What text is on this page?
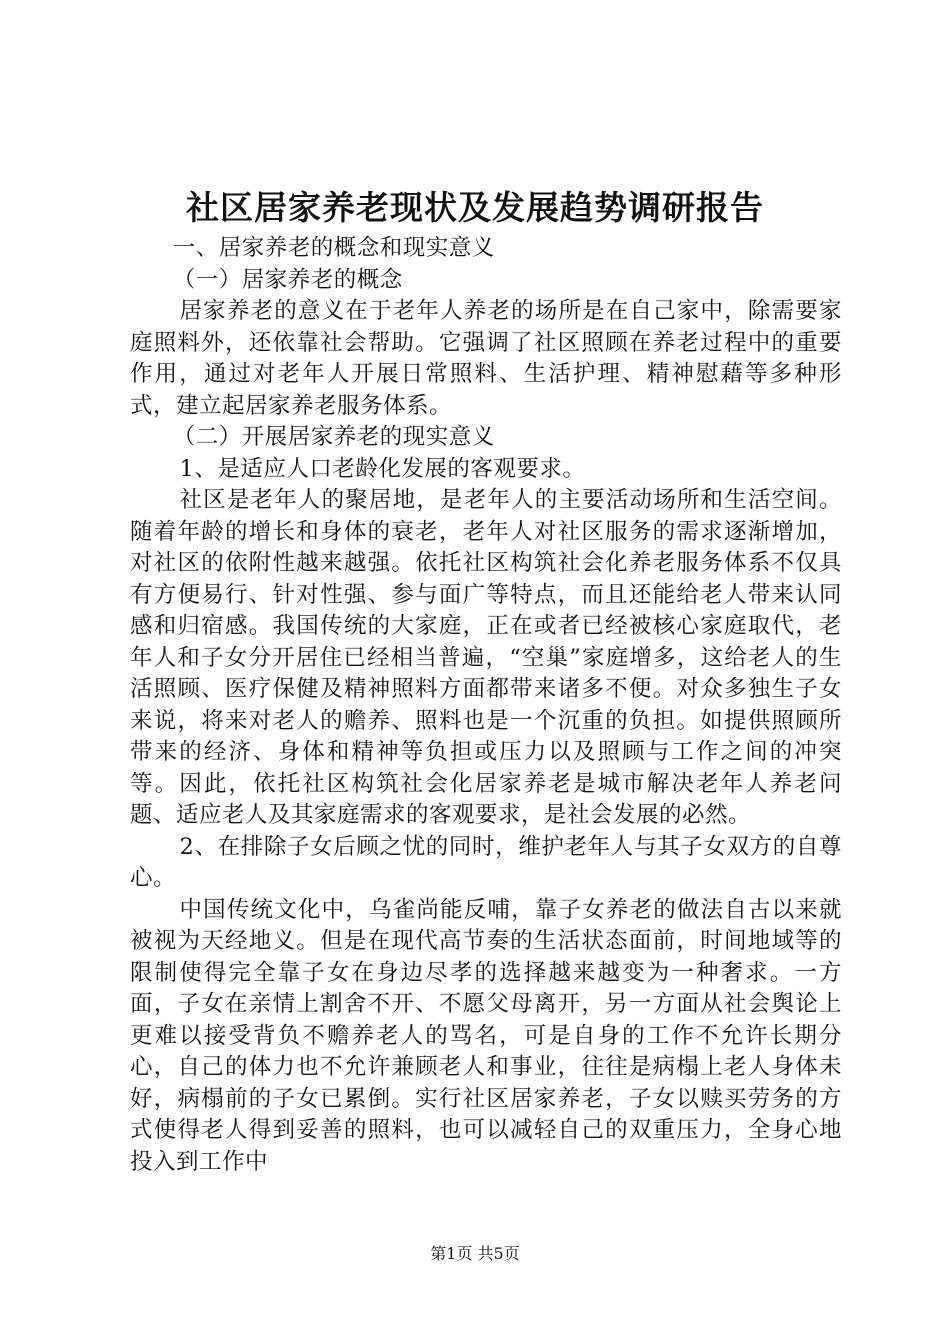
社区居家养老现状及发展趋势调研报告

一、居家养老的概念和现实意义

（一）居家养老的概念

居家养老的意义在于老年人养老的场所是在自己家中，除需要家庭照料外，还依靠社会帮助。它强调了社区照顾在养老过程中的重要作用，通过对老年人开展日常照料、生活护理、精神慰藉等多种形式，建立起居家养老服务体系。

（二）开展居家养老的现实意义

1、是适应人口老龄化发展的客观要求。

社区是老年人的聚居地，是老年人的主要活动场所和生活空间。随着年龄的增长和身体的衰老，老年人对社区服务的需求逐渐增加，对社区的依附性越来越强。依托社区构筑社会化养老服务体系不仅具有方便易行、针对性强、参与面广等特点，而且还能给老人带来认同感和归宿感。我国传统的大家庭，正在或者已经被核心家庭取代，老年人和子女分开居住已经相当普遍，“空巢”家庭增多，这给老人的生活照顾、医疗保健及精神照料方面都带来诸多不便。对众多独生子女来说，将来对老人的赡养、照料也是一个沉重的负担。如提供照顾所带来的经济、身体和精神等负担或压力以及照顾与工作之间的冲突等。因此，依托社区构筑社会化居家养老是城市解决老年人养老问题、适应老人及其家庭需求的客观要求，是社会发展的必然。

2、在排除子女后顾之忧的同时，维护老年人与其子女双方的自尊心。

中国传统文化中，乌雀尚能反哺，靠子女养老的做法自古以来就被视为天经地义。但是在现代高节奏的生活状态面前，时间地域等的限制使得完全靠子女在身边尽孝的选择越来越变为一种奢求。一方面，子女在亲情上割舍不开、不愿父母离开，另一方面从社会舆论上更难以接受背负不赡养老人的骂名，可是自身的工作不允许长期分心，自己的体力也不允许兼顾老人和事业，往往是病榻上老人身体未好，病榻前的子女已累倒。实行社区居家养老，子女以赎买劳务的方式使得老人得到妥善的照料，也可以减轻自己的双重压力，全身心地投入到工作中

第1页 共5页
